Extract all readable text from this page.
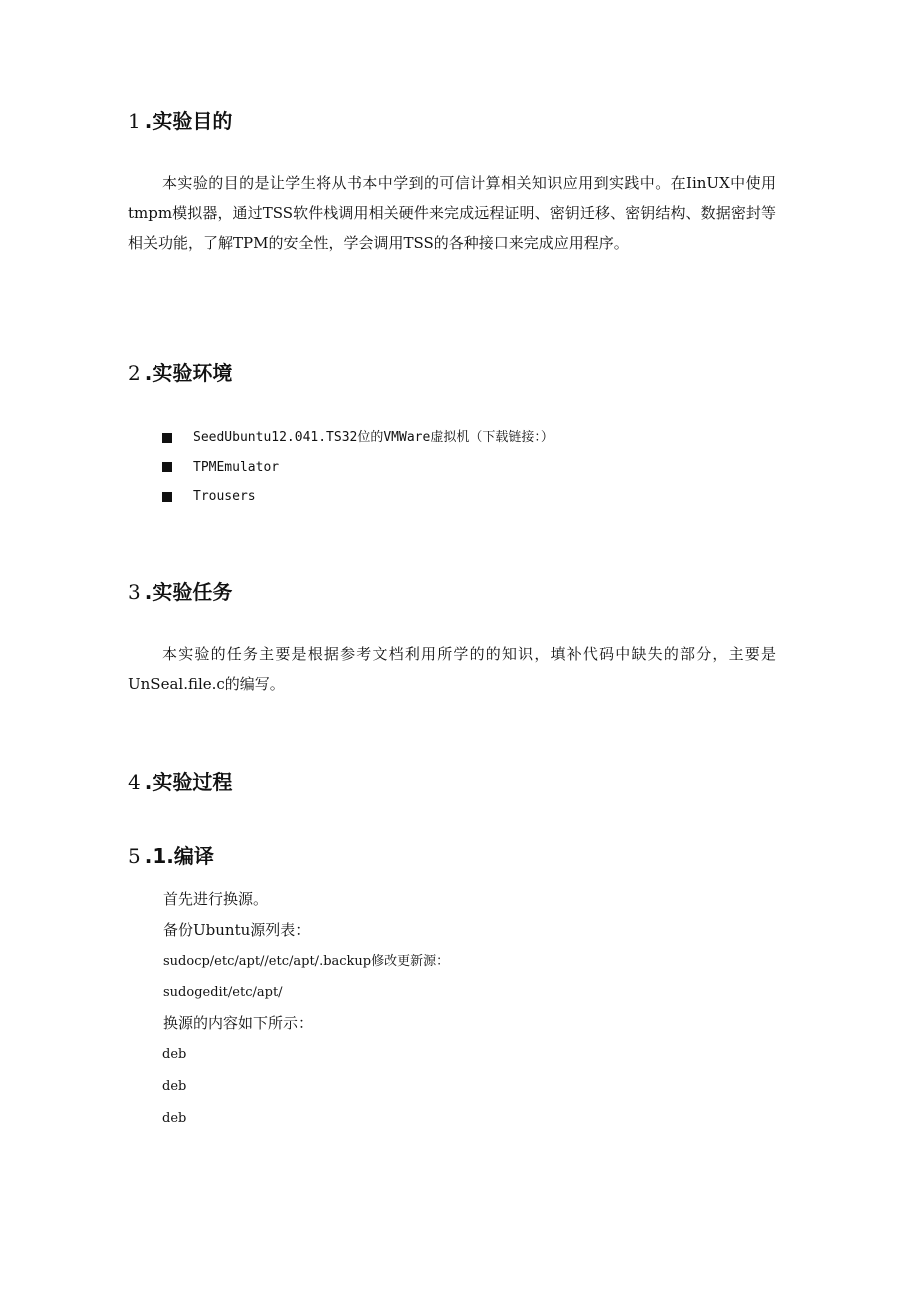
1 .实验目的

本实验的目的是让学生将从书本中学到的可信计算相关知识应用到实践中。在IinUX中使用tmpm模拟器，通过TSS软件栈调用相关硬件来完成远程证明、密钥迁移、密钥结构、数据密封等相关功能，了解TPM的安全性，学会调用TSS的各种接口来完成应用程序。

2 .实验环境
SeedUbuntu12.041.TS32位的VMWare虚拟机（下载链接：）
TPMEmulator
Trousers
3 .实验任务

本实验的任务主要是根据参考文档利用所学的的知识，填补代码中缺失的部分，主要是UnSeal.file.c的编写。

4 .实验过程
5 .1.编译
首先进行换源。
备份Ubuntu源列表：
sudocp/etc/apt//etc/apt/.backup修改更新源：
sudogedit/etc/apt/
换源的内容如下所示：
deb
deb
deb
